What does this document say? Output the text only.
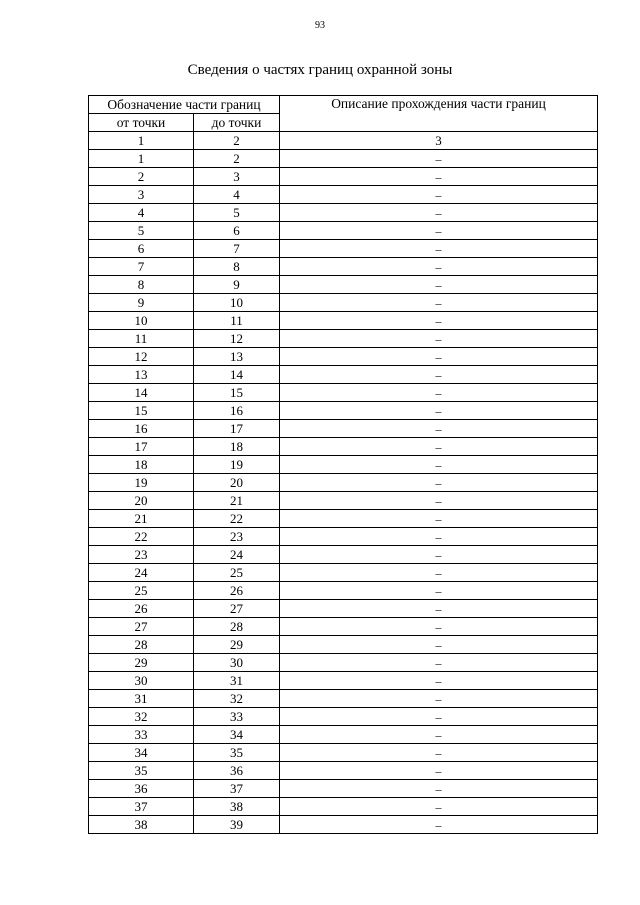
93
Сведения о частях границ охранной зоны
Обозначение части границ		Описание прохождения части границ
от точки	до точки	
1	2	3
1	2	–
2	3	–
3	4	–
4	5	–
5	6	–
6	7	–
7	8	–
8	9	–
9	10	–
10	11	–
11	12	–
12	13	–
13	14	–
14	15	–
15	16	–
16	17	–
17	18	–
18	19	–
19	20	–
20	21	–
21	22	–
22	23	–
23	24	–
24	25	–
25	26	–
26	27	–
27	28	–
28	29	–
29	30	–
30	31	–
31	32	–
32	33	–
33	34	–
34	35	–
35	36	–
36	37	–
37	38	–
38	39	–
